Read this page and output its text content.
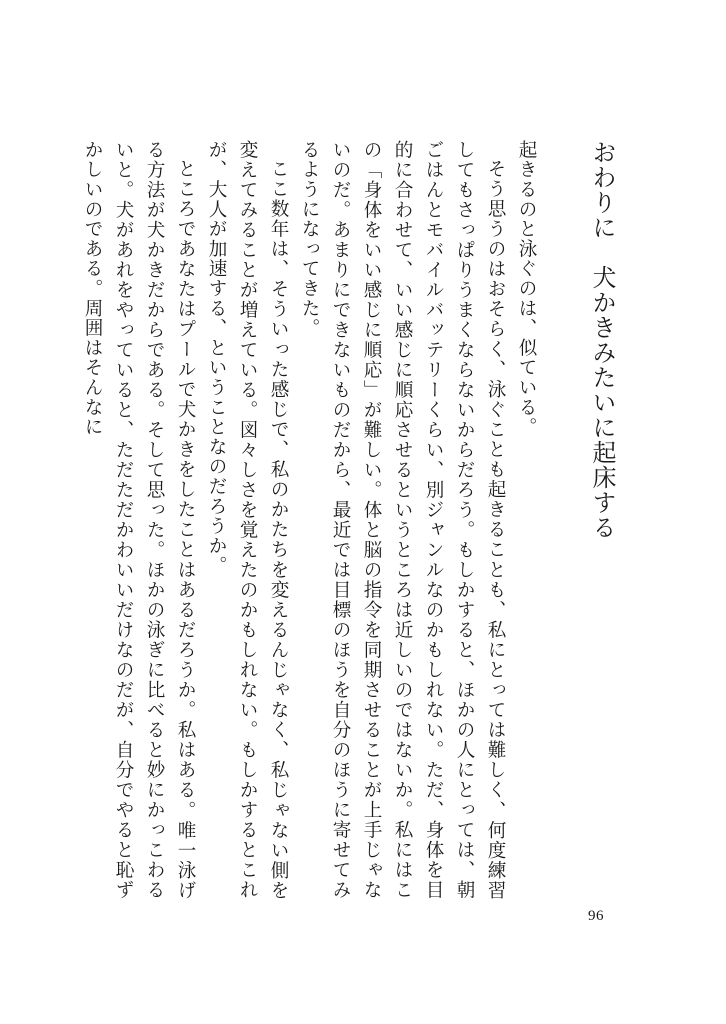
おわりに　犬かきみたいに起床する

起きるのと泳ぐのは、似ている。

そう思うのはおそらく、泳ぐことも起きることも、私にとっては難しく、何度練習してもさっぱりうまくならないからだろう。もしかすると、ほかの人にとっては、朝ごはんとモバイルバッテリーくらい、別ジャンルなのかもしれない。ただ、身体を目的に合わせて、いい感じに順応させるというところは近しいのではないか。私にはこの「身体をいい感じに順応」が難しい。体と脳の指令を同期させることが上手じゃないのだ。あまりにできないものだから、最近では目標のほうを自分のほうに寄せてみるようになってきた。

ここ数年は、そういった感じで、私のかたちを変えるんじゃなく、私じゃない側を変えてみることが増えている。図々しさを覚えたのかもしれない。もしかするとこれが、大人が加速する、ということなのだろうか。

ところであなたはプールで犬かきをしたことはあるだろうか。私はある。唯一泳げる方法が犬かきだからである。そして思った。ほかの泳ぎに比べると妙にかっこわるいと。犬があれをやっていると、ただただかわいいだけなのだが、自分でやると恥ずかしいのである。周囲はそんなに

96
